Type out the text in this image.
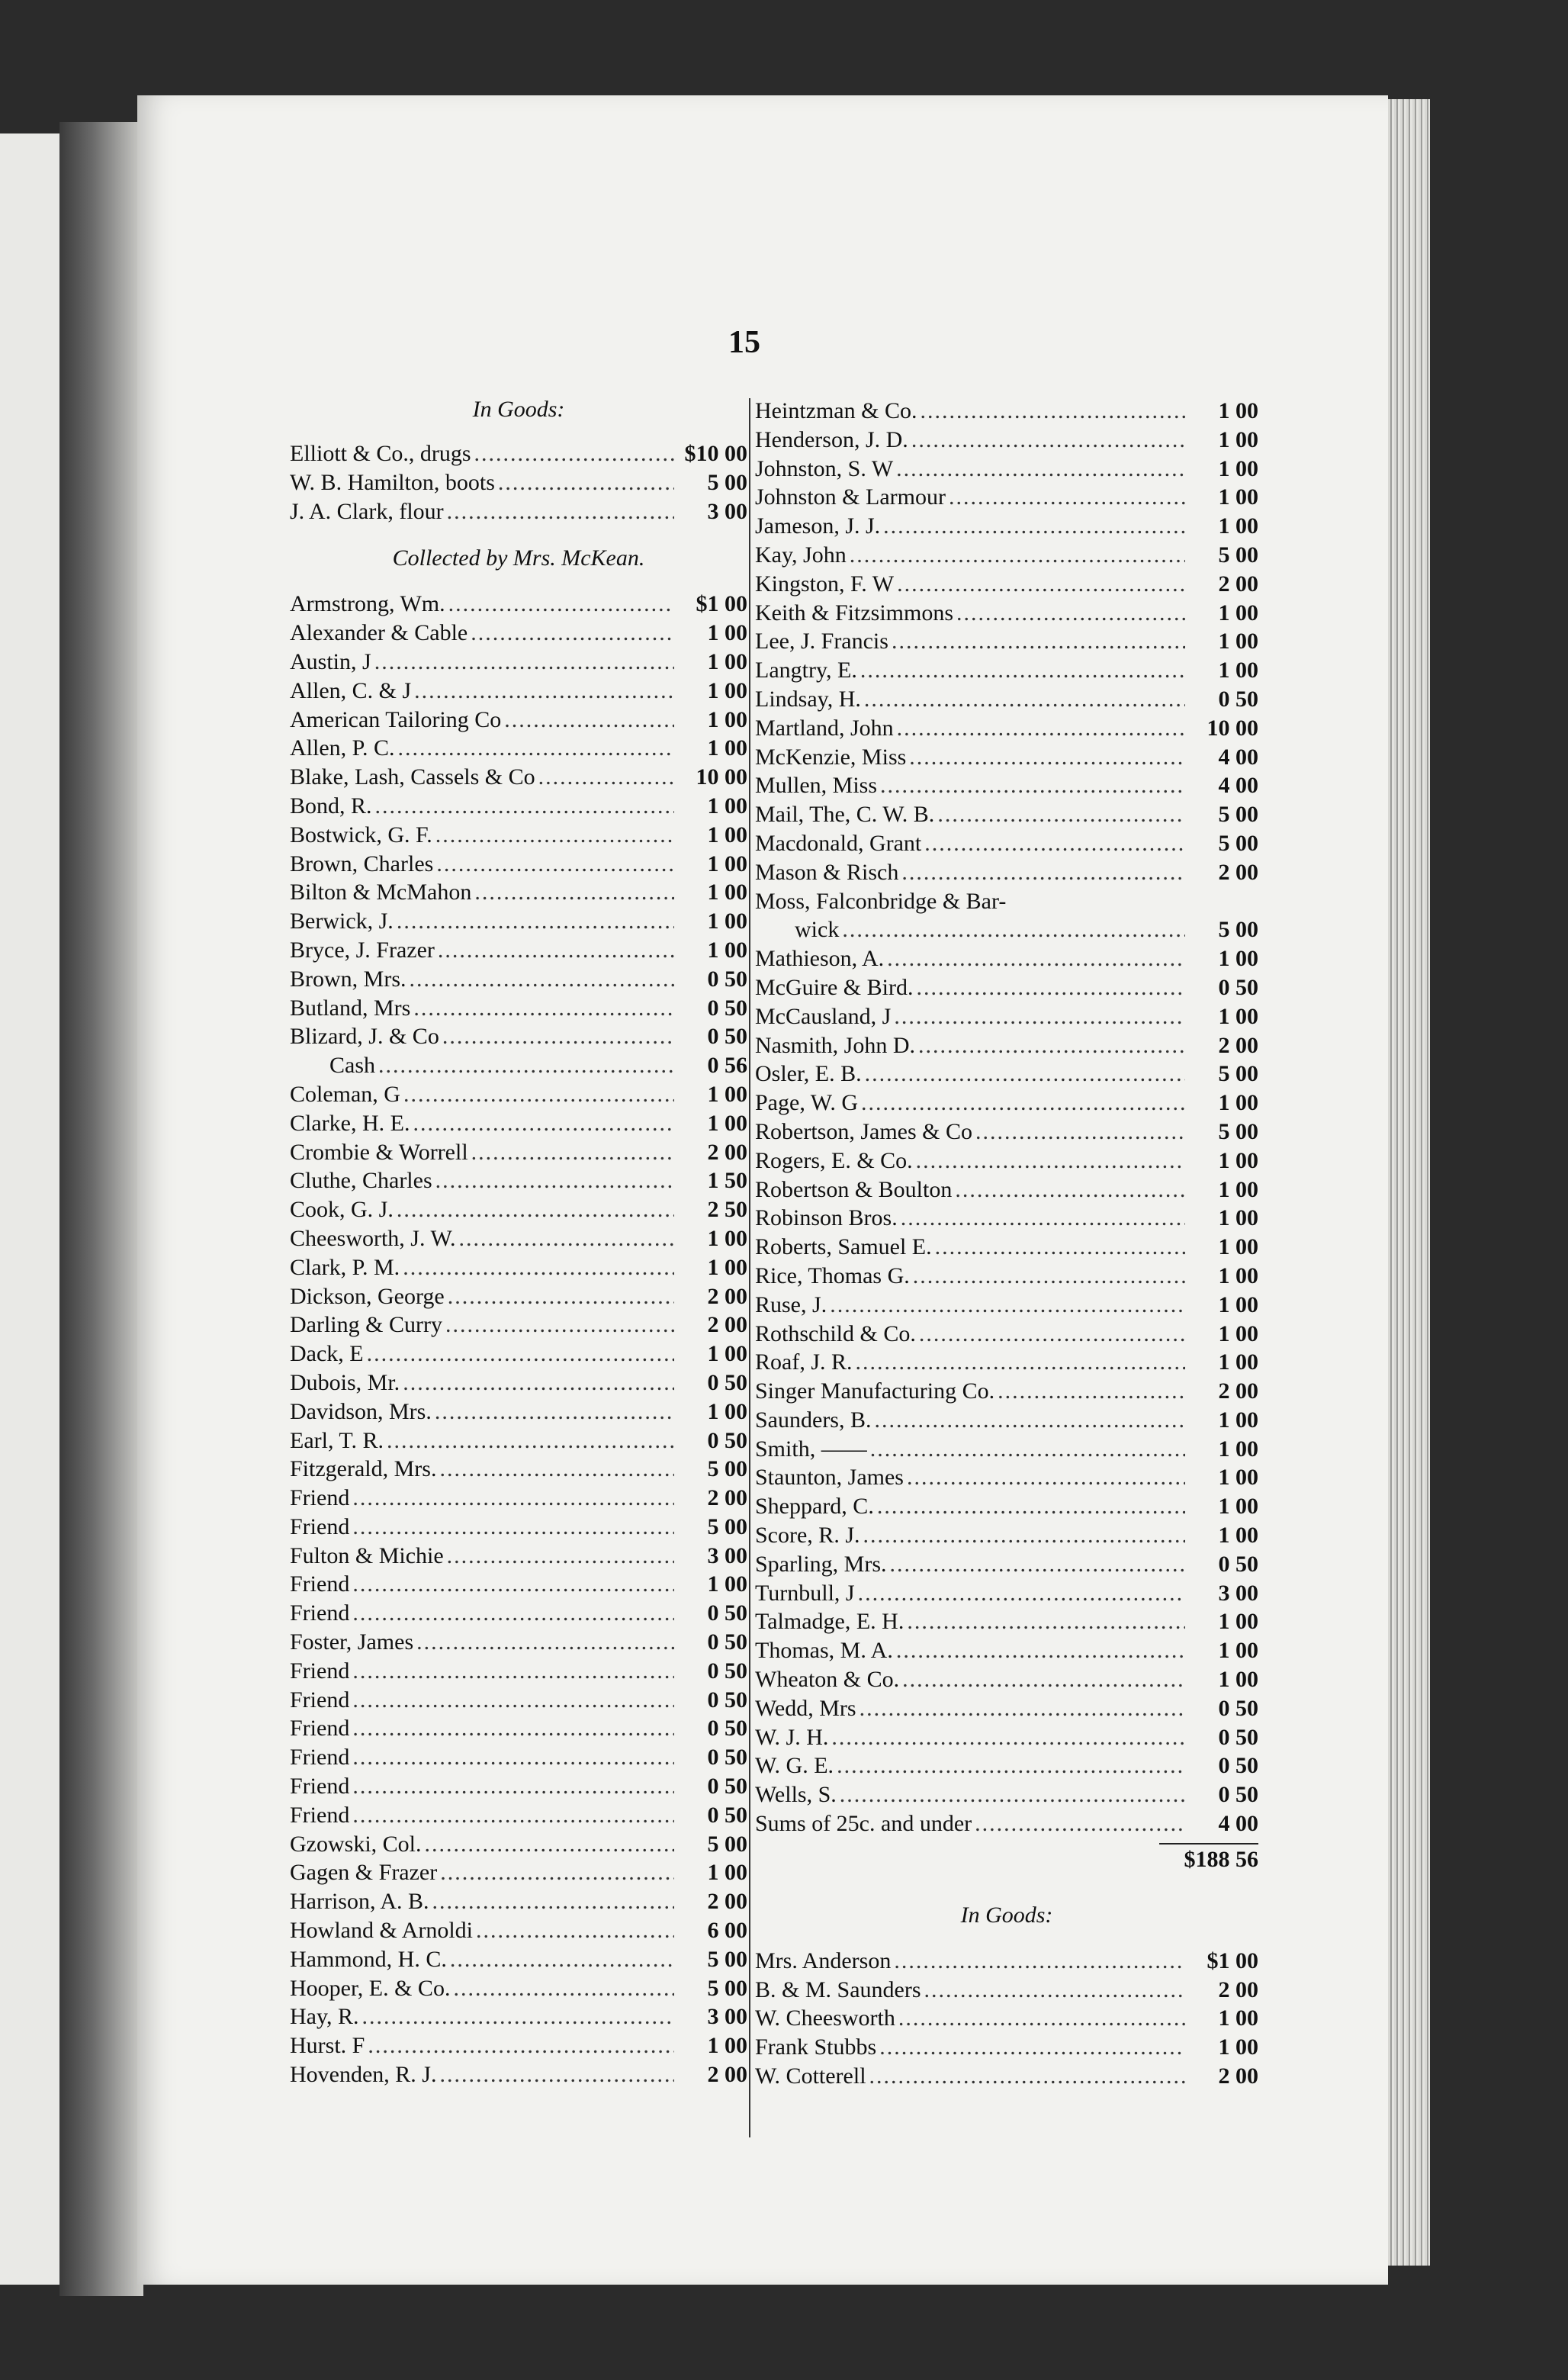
15

In Goods:

Elliott & Co., drugs .....	$10 00
W. B. Hamilton, boots .....	5 00
J. A. Clark, flour .....	3 00

Collected by Mrs. McKean.

Armstrong, Wm. .....	$1 00
Alexander & Cable .....	1 00
Austin, J .....	1 00
Allen, C. & J .....	1 00
American Tailoring Co .....	1 00
Allen, P. C. .....	1 00
Blake, Lash, Cassels & Co .....	10 00
Bond, R. .....	1 00
Bostwick, G. F. .....	1 00
Brown, Charles .....	1 00
Bilton & McMahon .....	1 00
Berwick, J. .....	1 00
Bryce, J. Frazer .....	1 00
Brown, Mrs. .....	0 50
Butland, Mrs .....	0 50
Blizard, J. & Co .....	0 50
Cash .....	0 56
Coleman, G .....	1 00
Clarke, H. E. .....	1 00
Crombie & Worrell .....	2 00
Cluthe, Charles .....	1 50
Cook, G. J. .....	2 50
Cheesworth, J. W. .....	1 00
Clark, P. M. .....	1 00
Dickson, George .....	2 00
Darling & Curry .....	2 00
Dack, E .....	1 00
Dubois, Mr. .....	0 50
Davidson, Mrs. .....	1 00
Earl, T. R. .....	0 50
Fitzgerald, Mrs. .....	5 00
Friend .....	2 00
Friend .....	5 00
Fulton & Michie .....	3 00
Friend .....	1 00
Friend .....	0 50
Foster, James .....	0 50
Friend .....	0 50
Friend .....	0 50
Friend .....	0 50
Friend .....	0 50
Friend .....	0 50
Friend .....	0 50
Gzowski, Col. .....	5 00
Gagen & Frazer .....	1 00
Harrison, A. B. .....	2 00
Howland & Arnoldi .....	6 00
Hammond, H. C. .....	5 00
Hooper, E. & Co. .....	5 00
Hay, R. .....	3 00
Hurst. F .....	1 00
Hovenden, R. J. .....	2 00
Heintzman & Co. .....	1 00
Henderson, J. D. .....	1 00
Johnston, S. W .....	1 00
Johnston & Larmour .....	1 00
Jameson, J. J. .....	1 00
Kay, John .....	5 00
Kingston, F. W .....	2 00
Keith & Fitzsimmons .....	1 00
Lee, J. Francis .....	1 00
Langtry, E. .....	1 00
Lindsay, H. .....	0 50
Martland, John .....	10 00
McKenzie, Miss .....	4 00
Mullen, Miss .....	4 00
Mail, The, C. W. B. .....	5 00
Macdonald, Grant .....	5 00
Mason & Risch .....	2 00
Moss, Falconbridge & Bar-
wick .....	5 00
Mathieson, A. .....	1 00
McGuire & Bird. .....	0 50
McCausland, J .....	1 00
Nasmith, John D. .....	2 00
Osler, E. B. .....	5 00
Page, W. G .....	1 00
Robertson, James & Co .....	5 00
Rogers, E. & Co. .....	1 00
Robertson & Boulton .....	1 00
Robinson Bros. .....	1 00
Roberts, Samuel E. .....	1 00
Rice, Thomas G. .....	1 00
Ruse, J. .....	1 00
Rothschild & Co. .....	1 00
Roaf, J. R. .....	1 00
Singer Manufacturing Co. .....	2 00
Saunders, B. .....	1 00
Smith, —— .....	1 00
Staunton, James .....	1 00
Sheppard, C. .....	1 00
Score, R. J. .....	1 00
Sparling, Mrs. .....	0 50
Turnbull, J .....	3 00
Talmadge, E. H. .....	1 00
Thomas, M. A. .....	1 00
Wheaton & Co. .....	1 00
Wedd, Mrs .....	0 50
W. J. H. .....	0 50
W. G. E. .....	0 50
Wells, S. .....	0 50
Sums of 25c. and under .....	4 00
$188 56

In Goods:

Mrs. Anderson .....	$1 00
B. & M. Saunders .....	2 00
W. Cheesworth .....	1 00
Frank Stubbs .....	1 00
W. Cotterell .....	2 00
